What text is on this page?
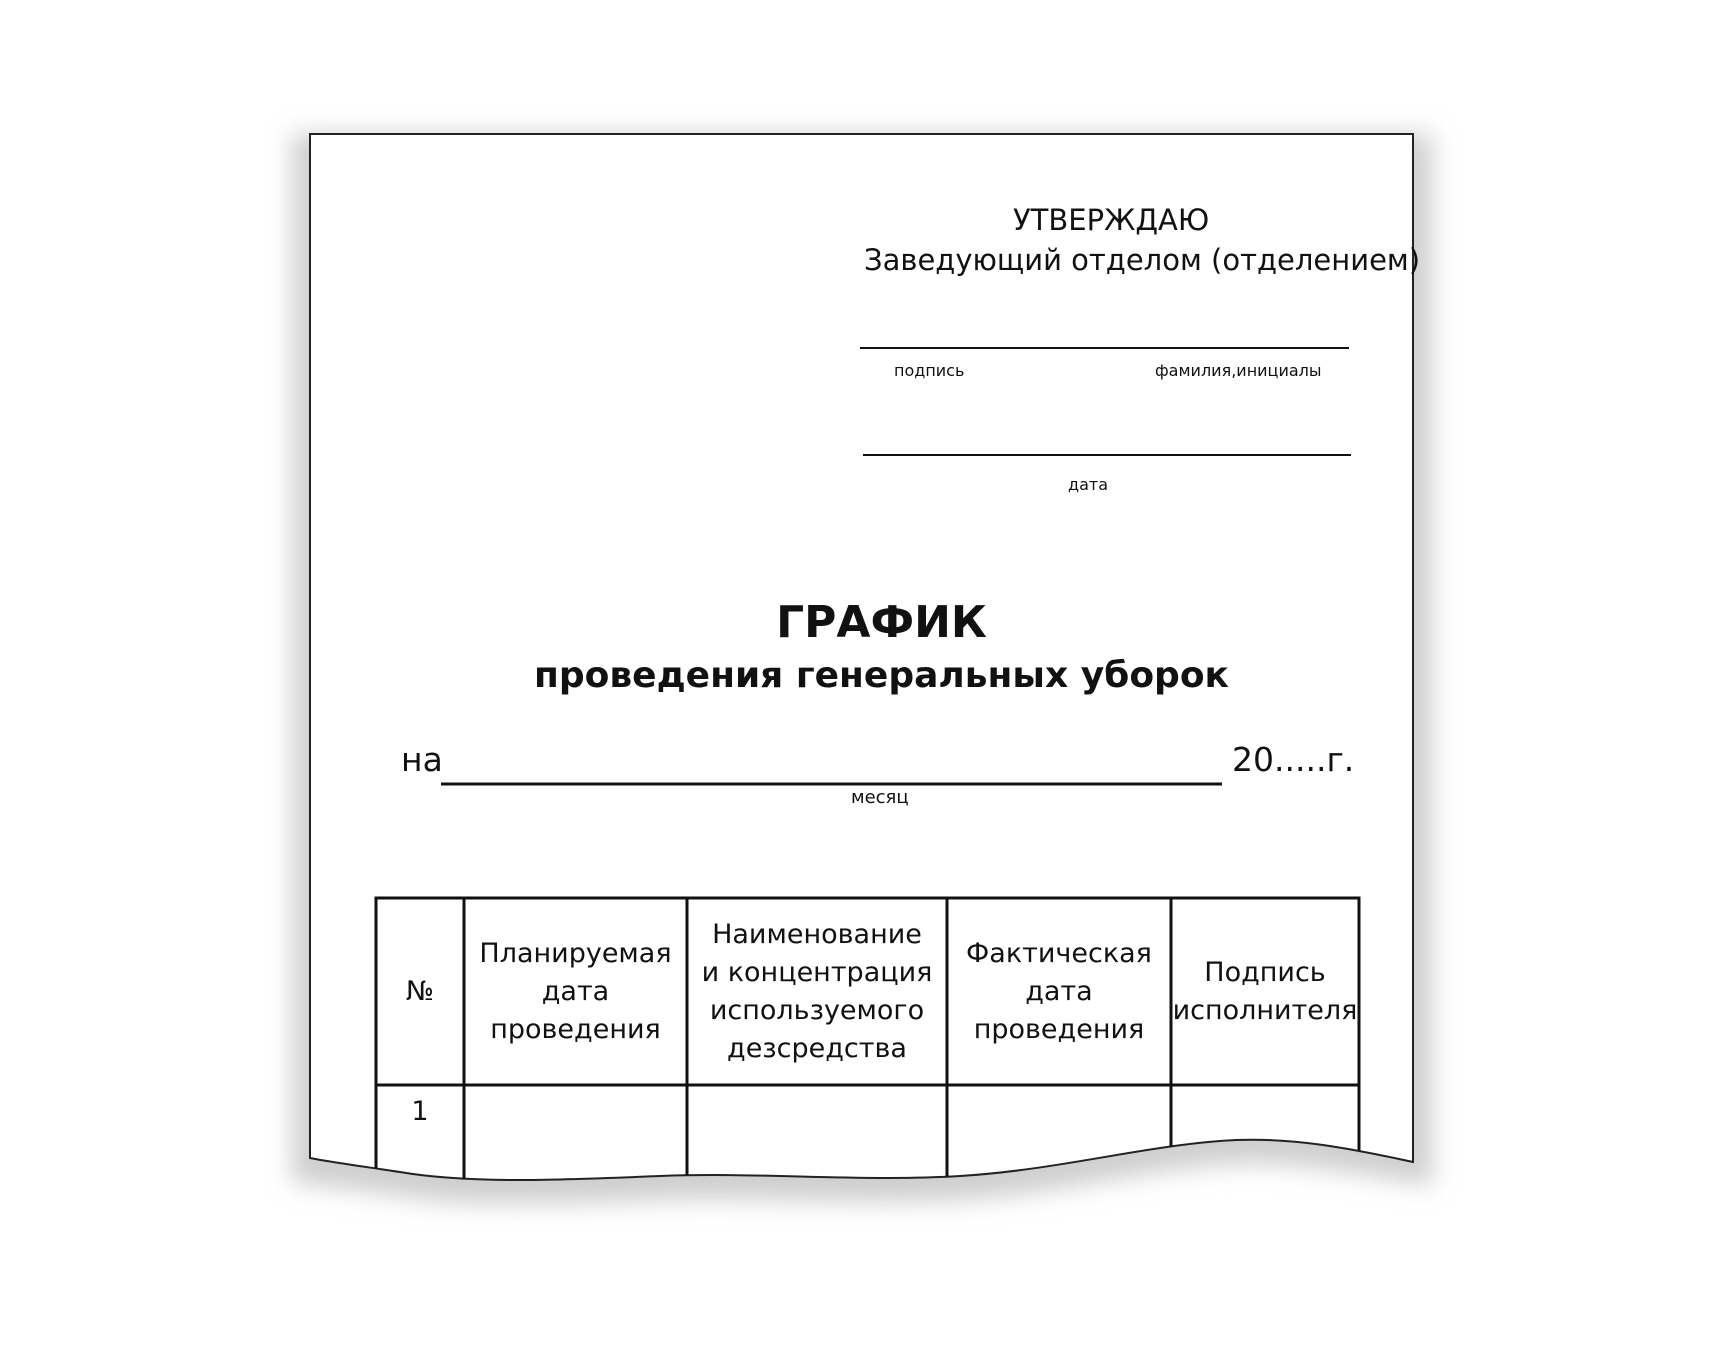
УТВЕРЖДАЮ
Заведующий отделом (отделением)
подпись	фамилия,инициалы
дата
ГРАФИК
проведения генеральных уборок
на	20.....г.
месяц
№
Планируемая
дата
проведения
Наименование
и концентрация
используемого
дезсредства
Фактическая
дата
проведения
Подпись
исполнителя
1
